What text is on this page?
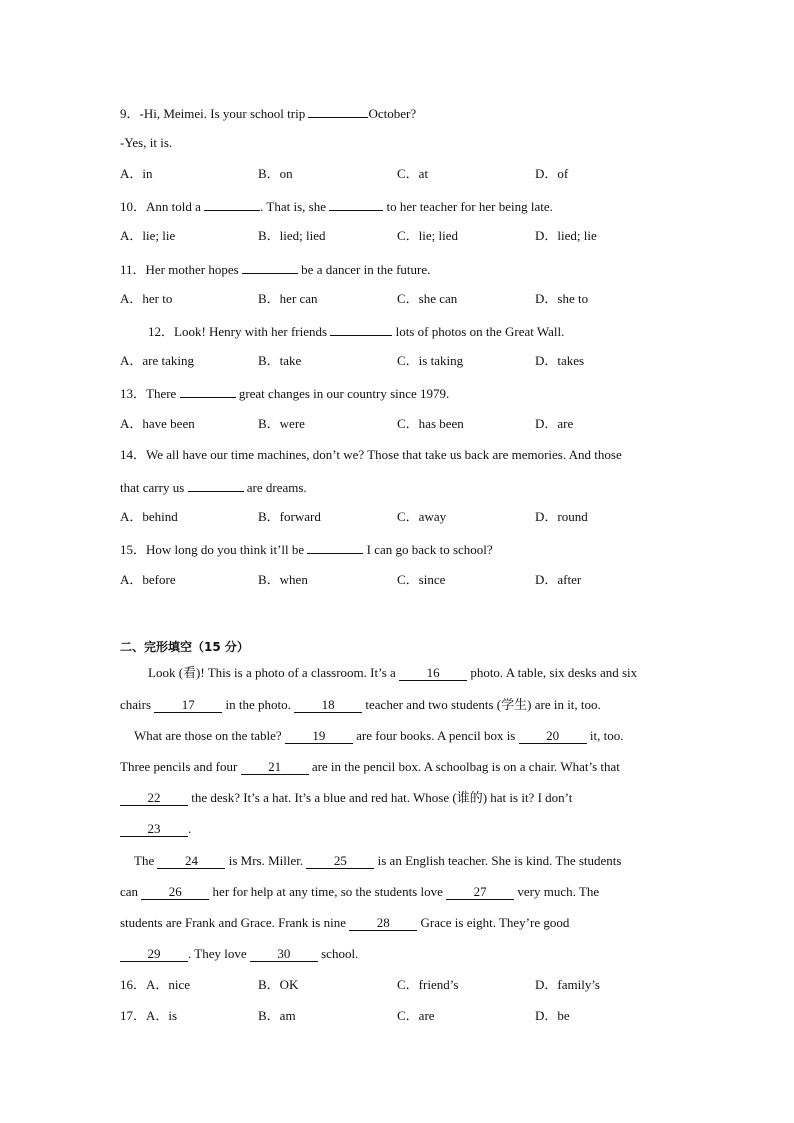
9．-Hi, Meimei. Is your school trip	October?
-Yes, it is.
A．in	B．on	C．at	D．of
10．Ann told a	. That is, she	to her teacher for her being late.
A．lie; lie	B．lied; lied	C．lie; lied	D．lied; lie
11．Her mother hopes	be a dancer in the future.
A．her to	B．her can	C．she can	D．she to
12．Look! Henry with her friends	lots of photos on the Great Wall.
A．are taking	B．take	C．is taking	D．takes
13．There	great changes in our country since 1979.
A．have been	B．were	C．has been	D．are
14．We all have our time machines, don’t we? Those that take us back are memories. And those
that carry us	are dreams.
A．behind	B．forward	C．away	D．round
15．How long do you think it’ll be	I can go back to school?
A．before	B．when	C．since	D．after
二、完形填空（15 分）
Look (看)! This is a photo of a classroom. It’s a 16 photo. A table, six desks and six
chairs 17 in the photo. 18 teacher and two students (学生) are in it, too.
What are those on the table? 19 are four books. A pencil box is 20 it, too.
Three pencils and four 21 are in the pencil box. A schoolbag is on a chair. What’s that
22 the desk? It’s a hat. It’s a blue and red hat. Whose (谁的) hat is it? I don’t
23 .
The 24 is Mrs. Miller. 25 is an English teacher. She is kind. The students
can 26 her for help at any time, so the students love 27 very much. The
students are Frank and Grace. Frank is nine 28 Grace is eight. They’re good
29 . They love 30 school.
16．A．nice	B．OK	C．friend’s	D．family’s
17．A．is	B．am	C．are	D．be
